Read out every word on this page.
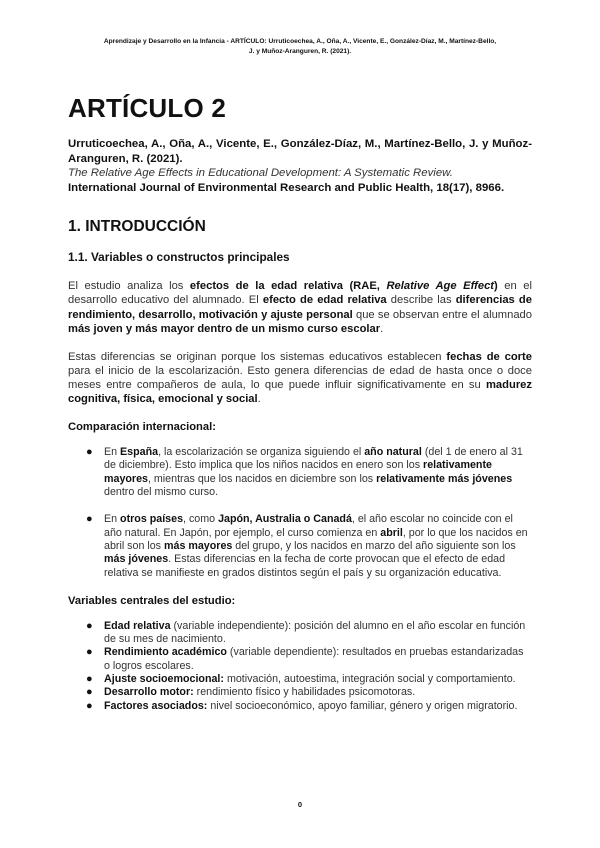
Aprendizaje y Desarrollo en la Infancia - ARTÍCULO: Urruticoechea, A., Oña, A., Vicente, E., González-Díaz, M., Martínez-Bello,
J. y Muñoz-Aranguren, R. (2021).
ARTÍCULO 2
Urruticoechea, A., Oña, A., Vicente, E., González-Díaz, M., Martínez-Bello, J. y Muñoz-Aranguren, R. (2021).
The Relative Age Effects in Educational Development: A Systematic Review.
International Journal of Environmental Research and Public Health, 18(17), 8966.
1. INTRODUCCIÓN
1.1. Variables o constructos principales

El estudio analiza los efectos de la edad relativa (RAE, Relative Age Effect) en el desarrollo educativo del alumnado. El efecto de edad relativa describe las diferencias de rendimiento, desarrollo, motivación y ajuste personal que se observan entre el alumnado más joven y más mayor dentro de un mismo curso escolar.

Estas diferencias se originan porque los sistemas educativos establecen fechas de corte para el inicio de la escolarización. Esto genera diferencias de edad de hasta once o doce meses entre compañeros de aula, lo que puede influir significativamente en su madurez cognitiva, física, emocional y social.

Comparación internacional:
● En España, la escolarización se organiza siguiendo el año natural (del 1 de enero al 31 de diciembre). Esto implica que los niños nacidos en enero son los relativamente mayores, mientras que los nacidos en diciembre son los relativamente más jóvenes dentro del mismo curso.
● En otros países, como Japón, Australia o Canadá, el año escolar no coincide con el año natural. En Japón, por ejemplo, el curso comienza en abril, por lo que los nacidos en abril son los más mayores del grupo, y los nacidos en marzo del año siguiente son los más jóvenes. Estas diferencias en la fecha de corte provocan que el efecto de edad relativa se manifieste en grados distintos según el país y su organización educativa.
Variables centrales del estudio:
● Edad relativa (variable independiente): posición del alumno en el año escolar en función de su mes de nacimiento.
● Rendimiento académico (variable dependiente): resultados en pruebas estandarizadas o logros escolares.
● Ajuste socioemocional: motivación, autoestima, integración social y comportamiento.
● Desarrollo motor: rendimiento físico y habilidades psicomotoras.
● Factores asociados: nivel socioeconómico, apoyo familiar, género y origen migratorio.
0
